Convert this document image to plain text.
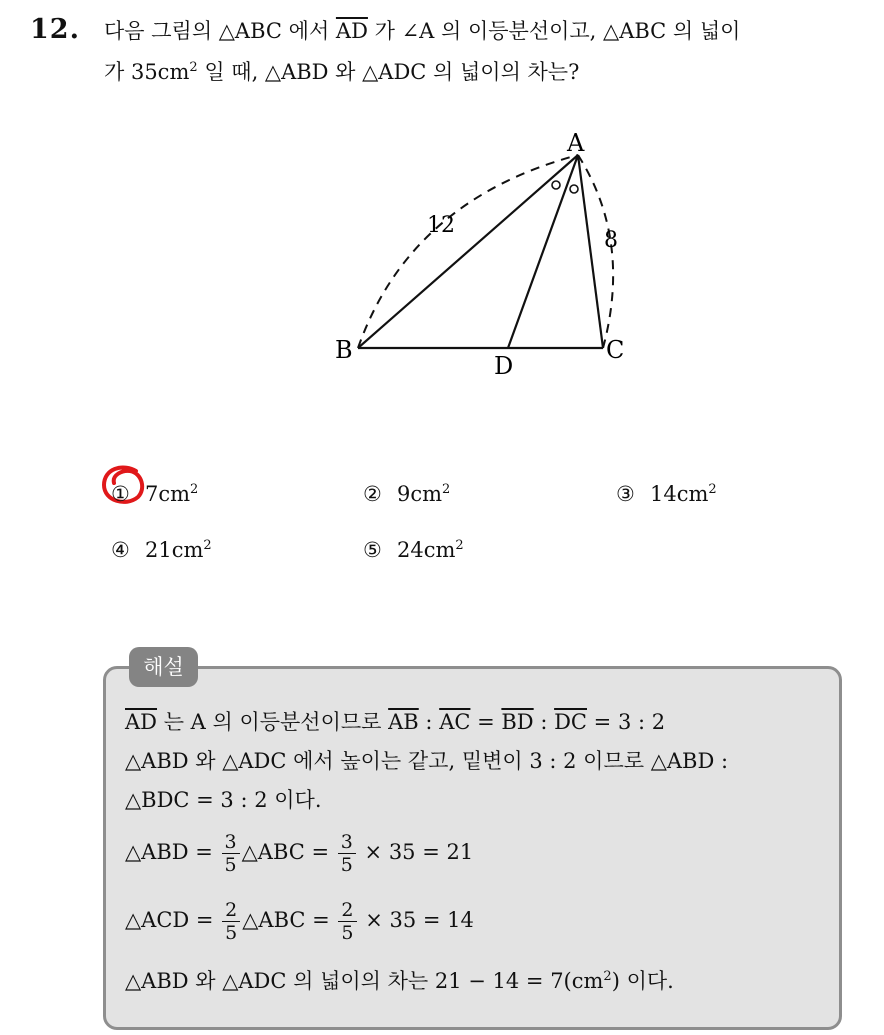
12. 다음 그림의 △ABC 에서 $\overline{AD}$ 가 ∠A 의 이등분선이고, △ABC 의 넓이
가 $35cm^2$ 일 때, △ABD 와 △ADC 의 넓이의 차는?
A
B	C
D
12
8
① $7cm^2$	② $9cm^2$	③ $14cm^2$
④ $21cm^2$	⑤ $24cm^2$
해설
$\overline{AD}$ 는 A 의 이등분선이므로 $\overline{AB}$ : $\overline{AC} = \overline{BD}$ : $\overline{DC} = 3$ : 2
△ABD 와 △ADC 에서 높이는 같고, 밑변이 3 : 2 이므로 △ABD :
△BDC = 3 : 2 이다.
△ABD = $\frac{3}{5}$ △ABC = $\frac{3}{5} \times 35 = 21$
△ACD = $\frac{2}{5}$ △ABC = $\frac{2}{5} \times 35 = 14$
△ABD 와 △ADC 의 넓이의 차는 $21 - 14 = 7(cm^2)$ 이다.
